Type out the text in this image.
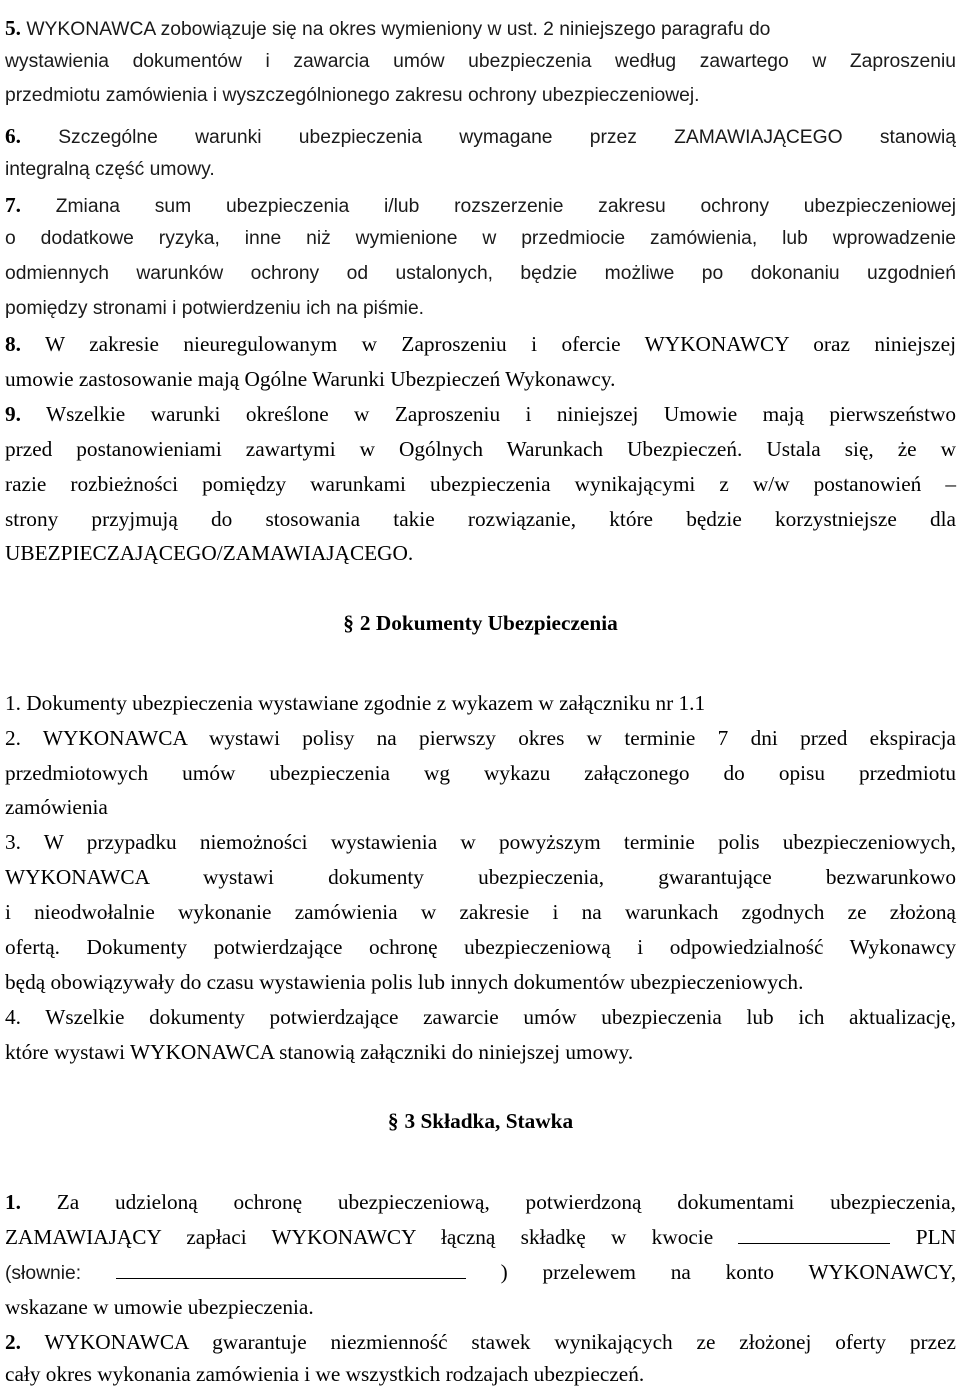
5. WYKONAWCA zobowiązuje się na okres wymieniony w ust. 2 niniejszego paragrafu do
wystawienia dokumentów i zawarcia umów ubezpieczenia według zawartego w Zaproszeniu
przedmiotu zamówienia i wyszczególnionego zakresu ochrony ubezpieczeniowej.
6. Szczególne warunki ubezpieczenia wymagane przez ZAMAWIAJĄCEGO stanowią
integralną część umowy.
7. Zmiana sum ubezpieczenia i/lub rozszerzenie zakresu ochrony ubezpieczeniowej
o dodatkowe ryzyka, inne niż wymienione w przedmiocie zamówienia, lub wprowadzenie
odmiennych warunków ochrony od ustalonych, będzie możliwe po dokonaniu uzgodnień
pomiędzy stronami i potwierdzeniu ich na piśmie.
8. W zakresie nieuregulowanym w Zaproszeniu i ofercie WYKONAWCY oraz niniejszej
umowie zastosowanie mają Ogólne Warunki Ubezpieczeń Wykonawcy.
9. Wszelkie warunki określone w Zaproszeniu i niniejszej Umowie mają pierwszeństwo
przed postanowieniami zawartymi w Ogólnych Warunkach Ubezpieczeń. Ustala się, że w
razie rozbieżności pomiędzy warunkami ubezpieczenia wynikającymi z w/w postanowień –
strony przyjmują do stosowania takie rozwiązanie, które będzie korzystniejsze dla
UBEZPIECZAJĄCEGO/ZAMAWIAJĄCEGO.
§ 2 Dokumenty Ubezpieczenia
1. Dokumenty ubezpieczenia wystawiane zgodnie z wykazem w załączniku nr 1.1
2. WYKONAWCA wystawi polisy na pierwszy okres w terminie 7 dni przed ekspiracja
przedmiotowych umów ubezpieczenia wg wykazu załączonego do opisu przedmiotu
zamówienia
3. W przypadku niemożności wystawienia w powyższym terminie polis ubezpieczeniowych,
WYKONAWCA wystawi dokumenty ubezpieczenia, gwarantujące bezwarunkowo
i nieodwołalnie wykonanie zamówienia w zakresie i na warunkach zgodnych ze złożoną
ofertą. Dokumenty potwierdzające ochronę ubezpieczeniową i odpowiedzialność Wykonawcy
będą obowiązywały do czasu wystawienia polis lub innych dokumentów ubezpieczeniowych.
4. Wszelkie dokumenty potwierdzające zawarcie umów ubezpieczenia lub ich aktualizację,
które wystawi WYKONAWCA stanowią załączniki do niniejszej umowy.
§ 3 Składka, Stawka
1. Za udzieloną ochronę ubezpieczeniową, potwierdzoną dokumentami ubezpieczenia,
ZAMAWIAJĄCY zapłaci WYKONAWCY łączną składkę w kwocie	PLN
(słownie:	) przelewem na konto WYKONAWCY,
wskazane w umowie ubezpieczenia.
2. WYKONAWCA gwarantuje niezmienność stawek wynikających ze złożonej oferty przez
cały okres wykonania zamówienia i we wszystkich rodzajach ubezpieczeń.
